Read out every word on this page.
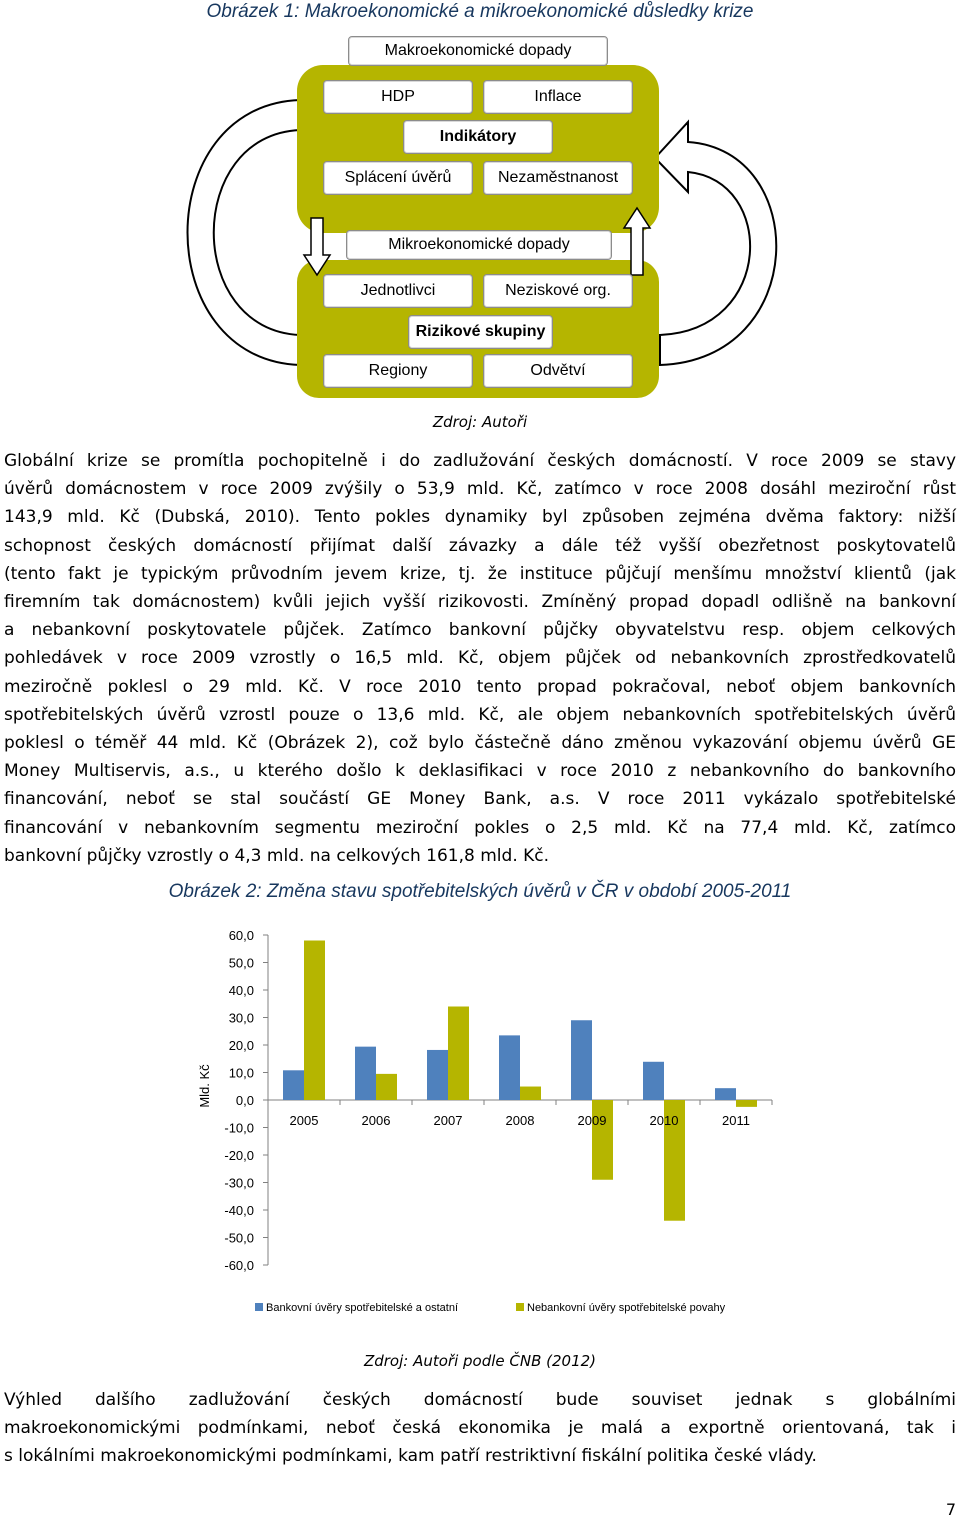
Obrázek 1: Makroekonomické a mikroekonomické důsledky krize
Makroekonomické dopady
HDP	Inflace
Indikátory
Splácení úvěrů	Nezaměstnanost
Mikroekonomické dopady
Jednotlivci	Neziskové org.
Rizikové skupiny
Regiony	Odvětví
Zdroj: Autoři
Globální krize se promítla pochopitelně i do zadlužování českých domácností. V roce 2009 se stavy
úvěrů domácnostem v roce 2009 zvýšily o 53,9 mld. Kč, zatímco v roce 2008 dosáhl meziroční růst
143,9 mld. Kč (Dubská, 2010). Tento pokles dynamiky byl způsoben zejména dvěma faktory: nižší
schopnost českých domácností přijímat další závazky a dále též vyšší obezřetnost poskytovatelů
(tento fakt je typickým průvodním jevem krize, tj. že instituce půjčují menšímu množství klientů (jak
firemním tak domácnostem) kvůli jejich vyšší rizikovosti. Zmíněný propad dopadl odlišně na bankovní
a nebankovní poskytovatele půjček. Zatímco bankovní půjčky obyvatelstvu resp. objem celkových
pohledávek v roce 2009 vzrostly o 16,5 mld. Kč, objem půjček od nebankovních zprostředkovatelů
meziročně poklesl o 29 mld. Kč. V roce 2010 tento propad pokračoval, neboť objem bankovních
spotřebitelských úvěrů vzrostl pouze o 13,6 mld. Kč, ale objem nebankovních spotřebitelských úvěrů
poklesl o téměř 44 mld. Kč (Obrázek 2), což bylo částečně dáno změnou vykazování objemu úvěrů GE
Money Multiservis, a.s., u kterého došlo k deklasifikaci v roce 2010 z nebankovního do bankovního
financování, neboť se stal součástí GE Money Bank, a.s. V roce 2011 vykázalo spotřebitelské
financování v nebankovním segmentu meziroční pokles o 2,5 mld. Kč na 77,4 mld. Kč, zatímco
bankovní půjčky vzrostly o 4,3 mld. na celkových 161,8 mld. Kč.
Obrázek 2: Změna stavu spotřebitelských úvěrů v ČR v období 2005-2011
60,0
50,0
40,0
30,0
20,0
10,0
0,0
-10,0
-20,0
-30,0
-40,0
-50,0
-60,0
Mld. Kč
2005	2006	2007	2008	2009	2010	2011
Bankovní úvěry spotřebitelské a ostatní	Nebankovní úvěry spotřebitelské povahy
Zdroj: Autoři podle ČNB (2012)
Výhled dalšího zadlužování českých domácností bude souviset jednak s globálními
makroekonomickými podmínkami, neboť česká ekonomika je malá a exportně orientovaná, tak i
s lokálními makroekonomickými podmínkami, kam patří restriktivní fiskální politika české vlády.
7
